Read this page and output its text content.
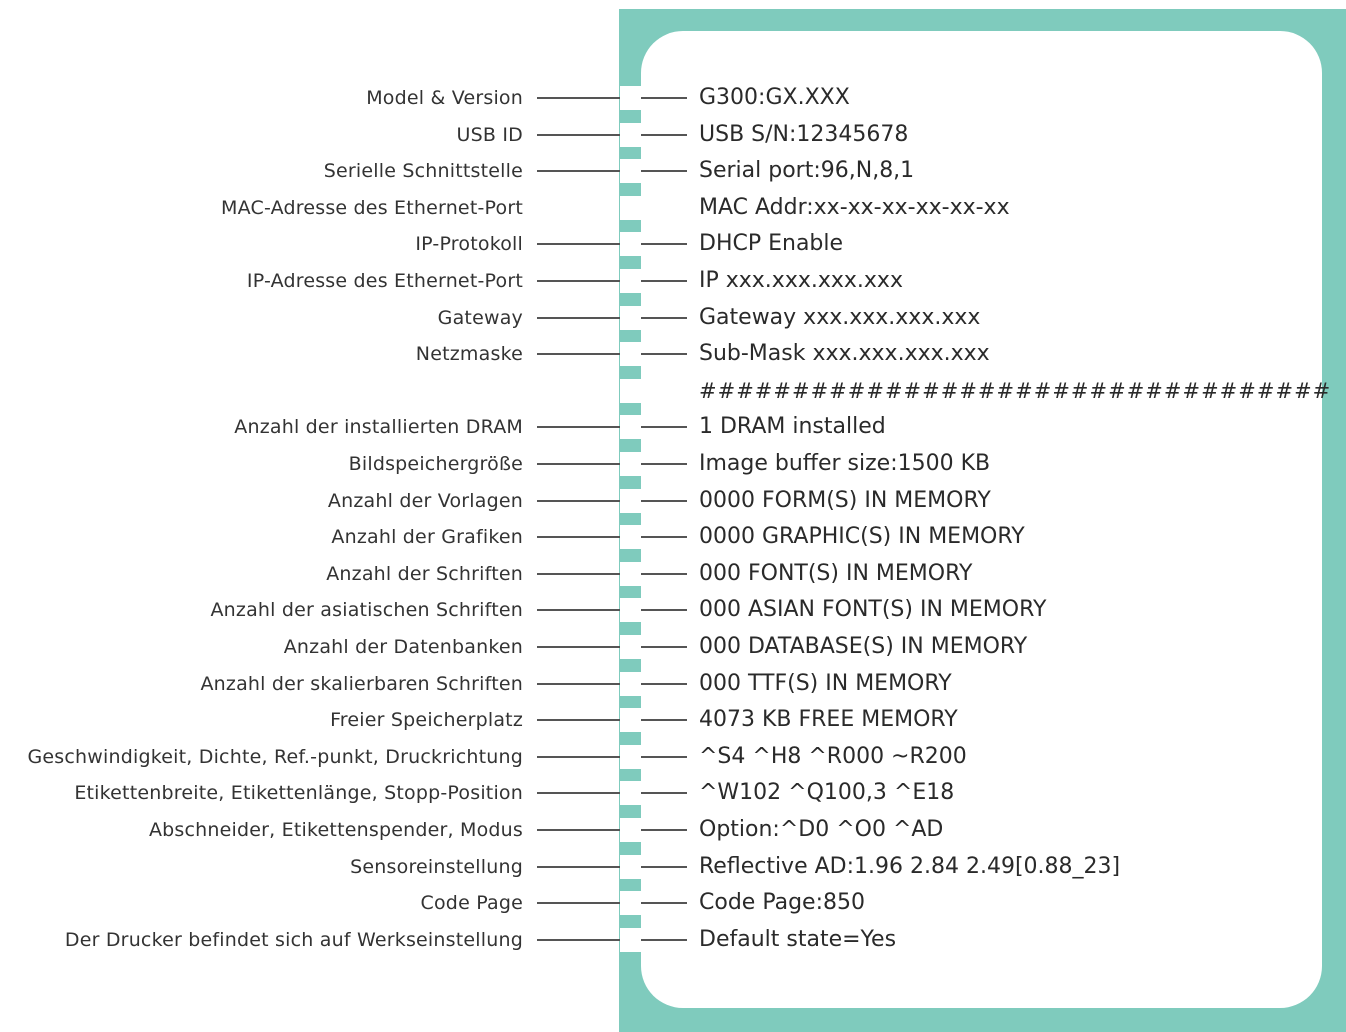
Model & Version	G300:GX.XXX
USB ID	USB S/N:12345678
Serielle Schnittstelle	Serial port:96,N,8,1
MAC-Adresse des Ethernet-Port	MAC Addr:xx-xx-xx-xx-xx-xx
IP-Protokoll	DHCP Enable
IP-Adresse des Ethernet-Port	IP xxx.xxx.xxx.xxx
Gateway	Gateway xxx.xxx.xxx.xxx
Netzmaske	Sub-Mask xxx.xxx.xxx.xxx
##################################
Anzahl der installierten DRAM	1 DRAM installed
Bildspeichergröße	Image buffer size:1500 KB
Anzahl der Vorlagen	0000 FORM(S) IN MEMORY
Anzahl der Grafiken	0000 GRAPHIC(S) IN MEMORY
Anzahl der Schriften	000 FONT(S) IN MEMORY
Anzahl der asiatischen Schriften	000 ASIAN FONT(S) IN MEMORY
Anzahl der Datenbanken	000 DATABASE(S) IN MEMORY
Anzahl der skalierbaren Schriften	000 TTF(S) IN MEMORY
Freier Speicherplatz	4073 KB FREE MEMORY
Geschwindigkeit, Dichte, Ref.-punkt, Druckrichtung	^S4 ^H8 ^R000 ~R200
Etikettenbreite, Etikettenlänge, Stopp-Position	^W102 ^Q100,3 ^E18
Abschneider, Etikettenspender, Modus	Option:^D0 ^O0 ^AD
Sensoreinstellung	Reflective AD:1.96 2.84 2.49[0.88_23]
Code Page	Code Page:850
Der Drucker befindet sich auf Werkseinstellung	Default state=Yes
